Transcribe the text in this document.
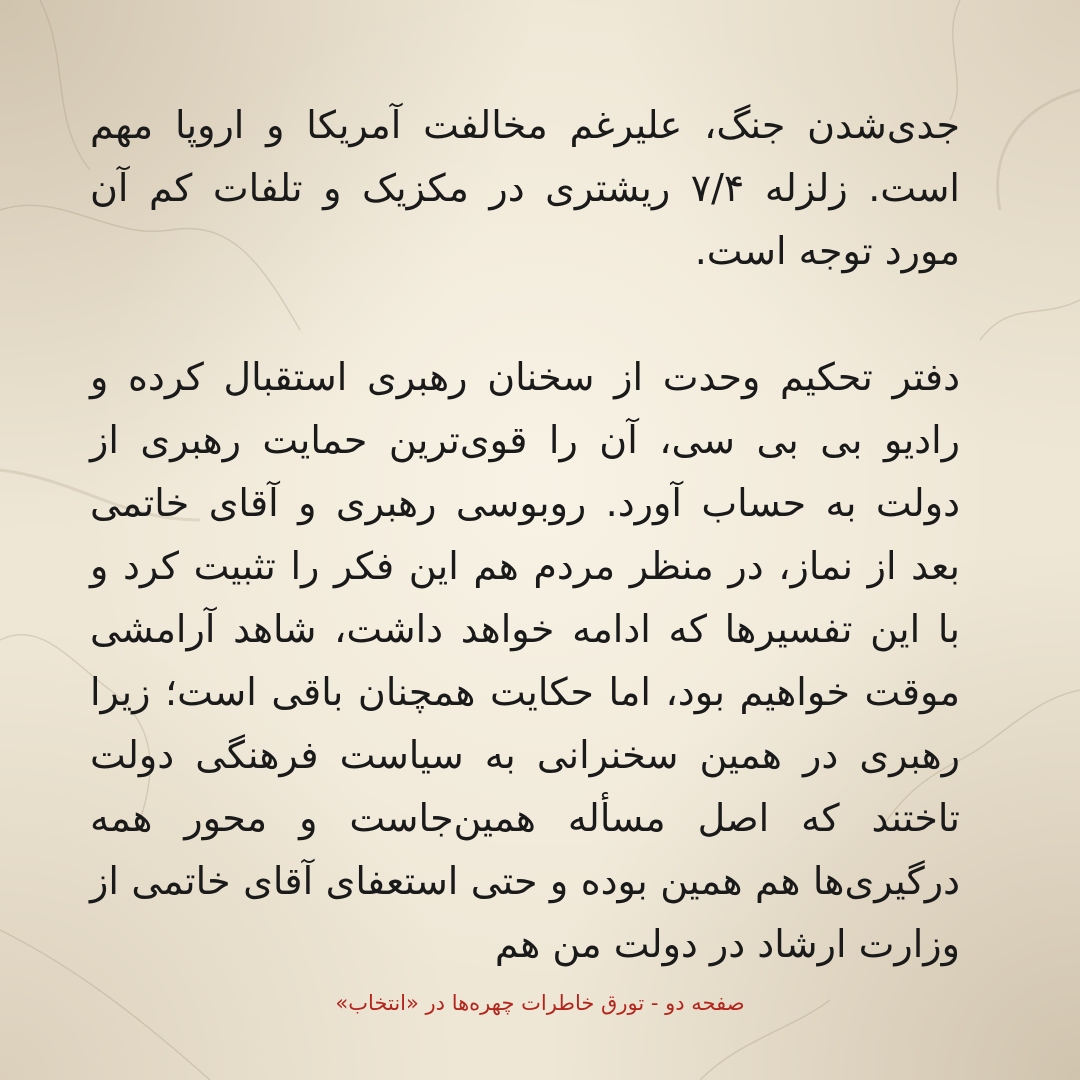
جدی‌شدن جنگ، علیرغم مخالفت آمریکا و اروپا مهم است. زلزله ۷/۴ ریشتری در مکزیک و تلفات کم آن مورد توجه است.
دفتر تحکیم وحدت از سخنان رهبری استقبال کرده و رادیو بی بی سی، آن را قوی‌ترین حمایت رهبری از دولت به حساب آورد. روبوسی رهبری و آقای خاتمی بعد از نماز، در منظر مردم هم این فکر را تثبیت کرد و با این تفسیرها که ادامه خواهد داشت، شاهد آرامشی موقت خواهیم بود، اما حکایت همچنان باقی است؛ زیرا رهبری در همین سخنرانی به سیاست فرهنگی دولت تاختند که اصل مسأله همین‌جاست و محور همه درگیری‌ها هم همین بوده و حتی استعفای آقای خاتمی از وزارت ارشاد در دولت من هم
صفحه دو - تورق خاطرات چهره‌ها در «انتخاب»
